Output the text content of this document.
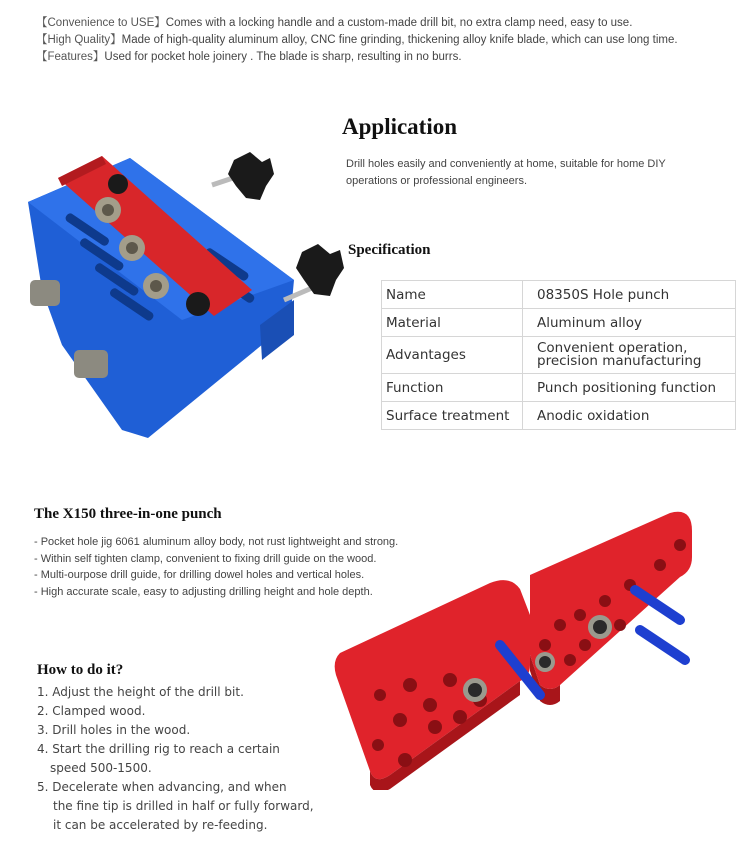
【Convenience to USE】Comes with a locking handle and a custom-made drill bit, no extra clamp need, easy to use.
【High Quality】Made of high-quality aluminum alloy, CNC fine grinding, thickening alloy knife blade, which can use long time.
【Features】Used for pocket hole joinery . The blade is sharp, resulting in no burrs.
Application
Drill holes easily and conveniently at home, suitable for home DIY operations or professional engineers.
Specification
Name	08350S Hole punch
Material	Aluminum alloy
Advantages	Convenient operation, precision manufacturing
Function	Punch positioning function
Surface treatment	Anodic oxidation
The X150 three-in-one punch
- Pocket hole jig 6061 aluminum alloy body, not rust lightweight and strong.
- Within self tighten clamp, convenient to fixing drill guide on the wood.
- Multi-ourpose drill guide, for drilling dowel holes and vertical holes.
- High accurate scale, easy to adjusting drilling height and hole depth.
How to do it?
1. Adjust the height of the drill bit.
2. Clamped wood.
3. Drill holes in the wood.
4. Start the drilling rig to reach a certain
speed 500-1500.
5. Decelerate when advancing, and when
the fine tip is drilled in half or fully forward,
it can be accelerated by re-feeding.
